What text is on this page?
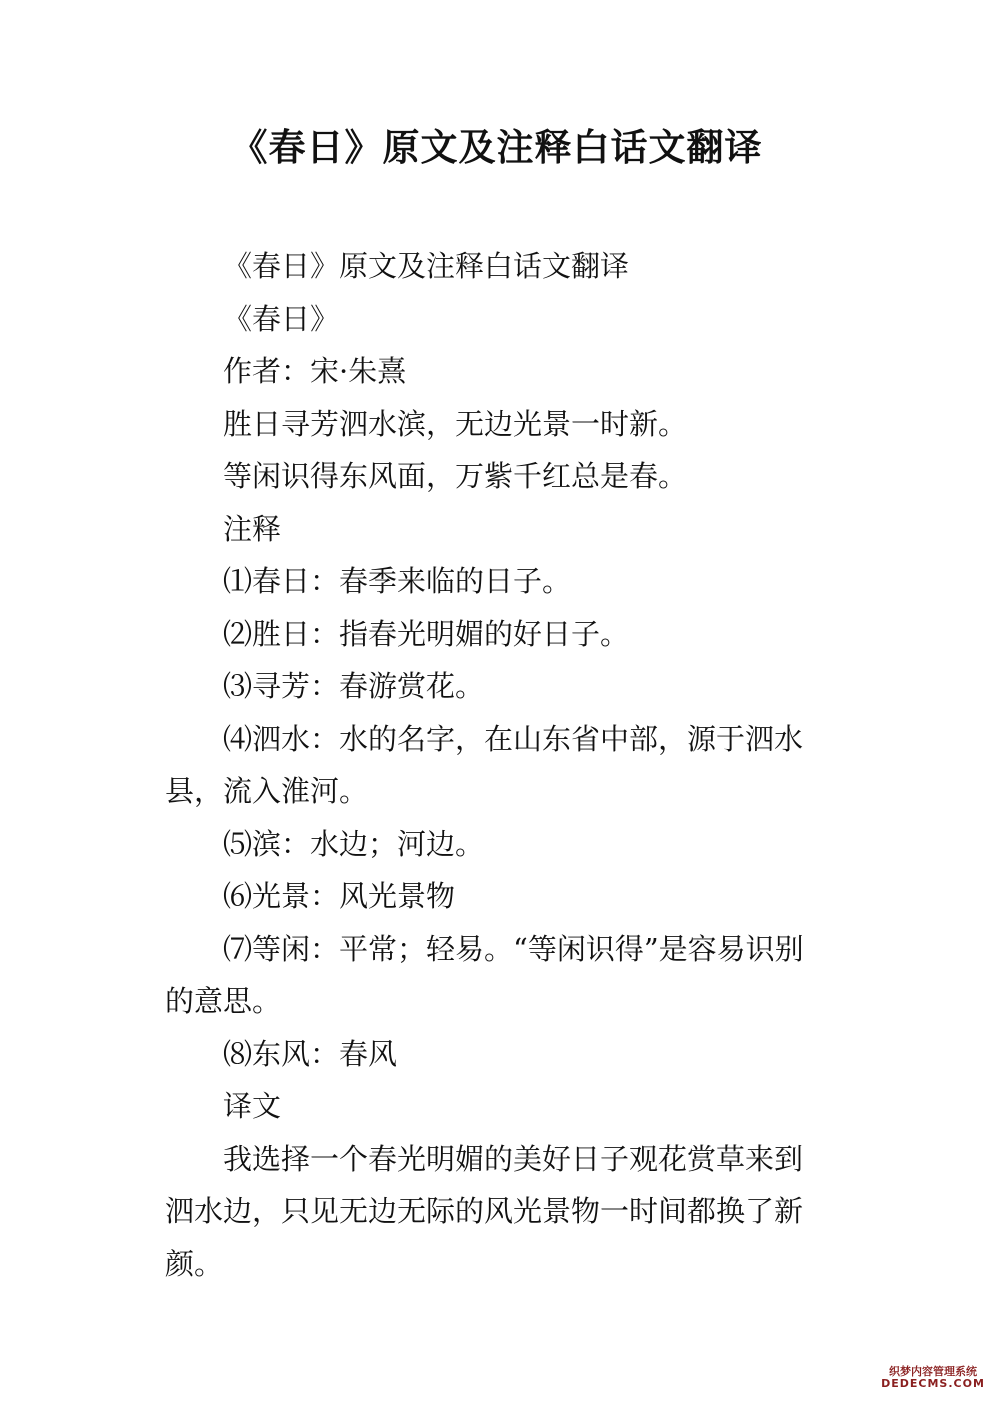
《春日》原文及注释白话文翻译

《春日》原文及注释白话文翻译

《春日》

作者：宋·朱熹

胜日寻芳泗水滨，无边光景一时新。

等闲识得东风面，万紫千红总是春。

注释

⑴春日：春季来临的日子。

⑵胜日：指春光明媚的好日子。

⑶寻芳：春游赏花。

⑷泗水：水的名字，在山东省中部，源于泗水县，流入淮河。

⑸滨：水边；河边。

⑹光景：风光景物

⑺等闲：平常；轻易。“等闲识得”是容易识别的意思。

⑻东风：春风

译文

我选择一个春光明媚的美好日子观花赏草来到泗水边，只见无边无际的风光景物一时间都换了新颜。

织梦内容管理系统
DEDECMS.COM
